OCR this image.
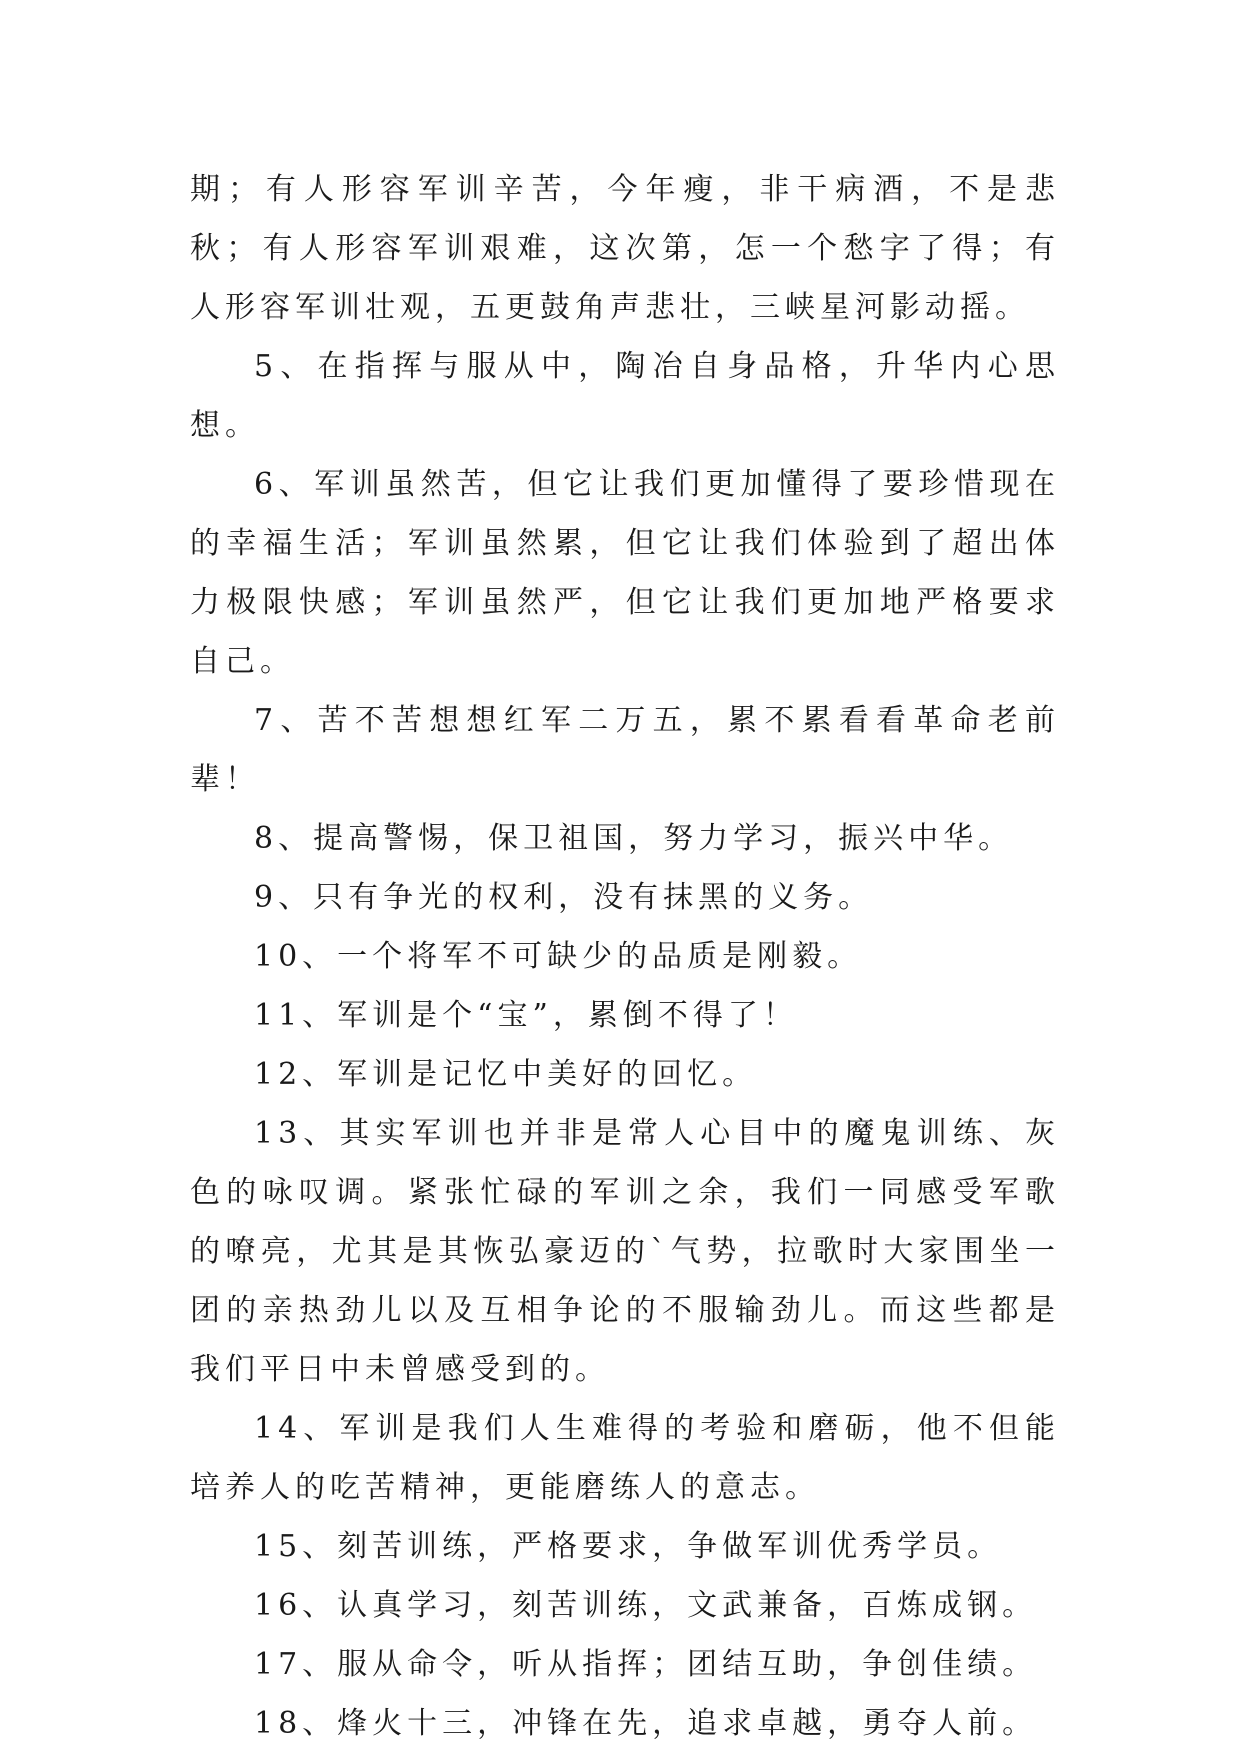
期；有人形容军训辛苦，今年瘦，非干病酒，不是悲秋；有人形容军训艰难，这次第，怎一个愁字了得；有人形容军训壮观，五更鼓角声悲壮，三峡星河影动摇。

5、在指挥与服从中，陶冶自身品格，升华内心思想。

6、军训虽然苦，但它让我们更加懂得了要珍惜现在的幸福生活；军训虽然累，但它让我们体验到了超出体力极限快感；军训虽然严，但它让我们更加地严格要求自己。

7、苦不苦想想红军二万五，累不累看看革命老前辈！

8、提高警惕，保卫祖国，努力学习，振兴中华。

9、只有争光的权利，没有抹黑的义务。

10、一个将军不可缺少的品质是刚毅。

11、军训是个“宝”，累倒不得了！

12、军训是记忆中美好的回忆。

13、其实军训也并非是常人心目中的魔鬼训练、灰色的咏叹调。紧张忙碌的军训之余，我们一同感受军歌的嘹亮，尤其是其恢弘豪迈的`气势，拉歌时大家围坐一团的亲热劲儿以及互相争论的不服输劲儿。而这些都是我们平日中未曾感受到的。

14、军训是我们人生难得的考验和磨砺，他不但能培养人的吃苦精神，更能磨练人的意志。

15、刻苦训练，严格要求，争做军训优秀学员。

16、认真学习，刻苦训练，文武兼备，百炼成钢。

17、服从命令，听从指挥；团结互助，争创佳绩。

18、烽火十三，冲锋在先，追求卓越，勇夺人前。
